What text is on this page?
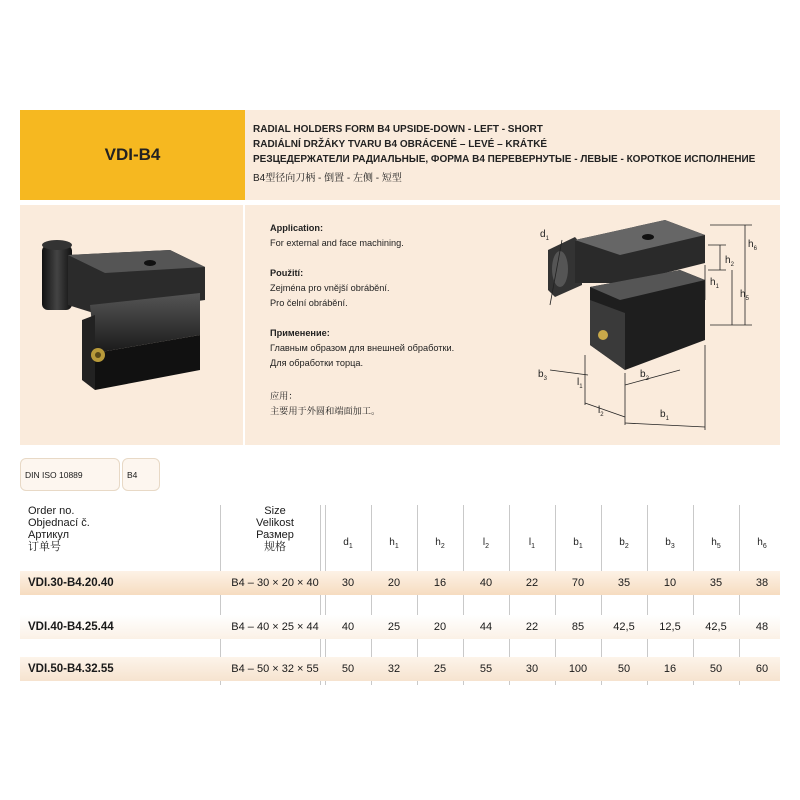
VDI-B4
RADIAL HOLDERS FORM B4 UPSIDE-DOWN - LEFT - SHORT
RADIÁLNÍ DRŽÁKY TVARU B4 OBRÁCENÉ – LEVÉ – KRÁTKÉ
РЕЗЦЕДЕРЖАТЕЛИ РАДИАЛЬНЫЕ, ФОРМА B4 ПЕРЕВЕРНУТЫЕ - ЛЕВЫЕ - КОРОТКОЕ ИСПОЛНЕНИЕ
B4型径向刀柄 - 倒置 - 左侧 - 短型
Application:
For external and face machining.
Použití:
Zejména pro vnější obrábění.
Pro čelní obrábění.
Применение:
Главным образом для внешней обработки.
Для обработки торца.
应用：
主要用于外圆和端面加工。
$d_1$	$h_6$
$h_2$
$h_1$
$h_5$
$b_3$	$l_1$
$b_2$
$l_2$	$b_1$
DIN ISO 10889	B4
Order no.
Objednací č.
Артикул
订单号
Size
Velikost
Размер
规格	$d_1$	$h_1$	$h_2$	$l_2$	$l_1$	$b_1$	$b_2$	$b_3$	$h_5$	$h_6$
VDI.30-B4.20.40	B4 – 30 × 20 × 40	30	20	16	40	22	70	35	10	35	38
VDI.40-B4.25.44	B4 – 40 × 25 × 44	40	25	20	44	22	85	42,5	12,5	42,5	48
VDI.50-B4.32.55	B4 – 50 × 32 × 55	50	32	25	55	30	100	50	16	50	60
